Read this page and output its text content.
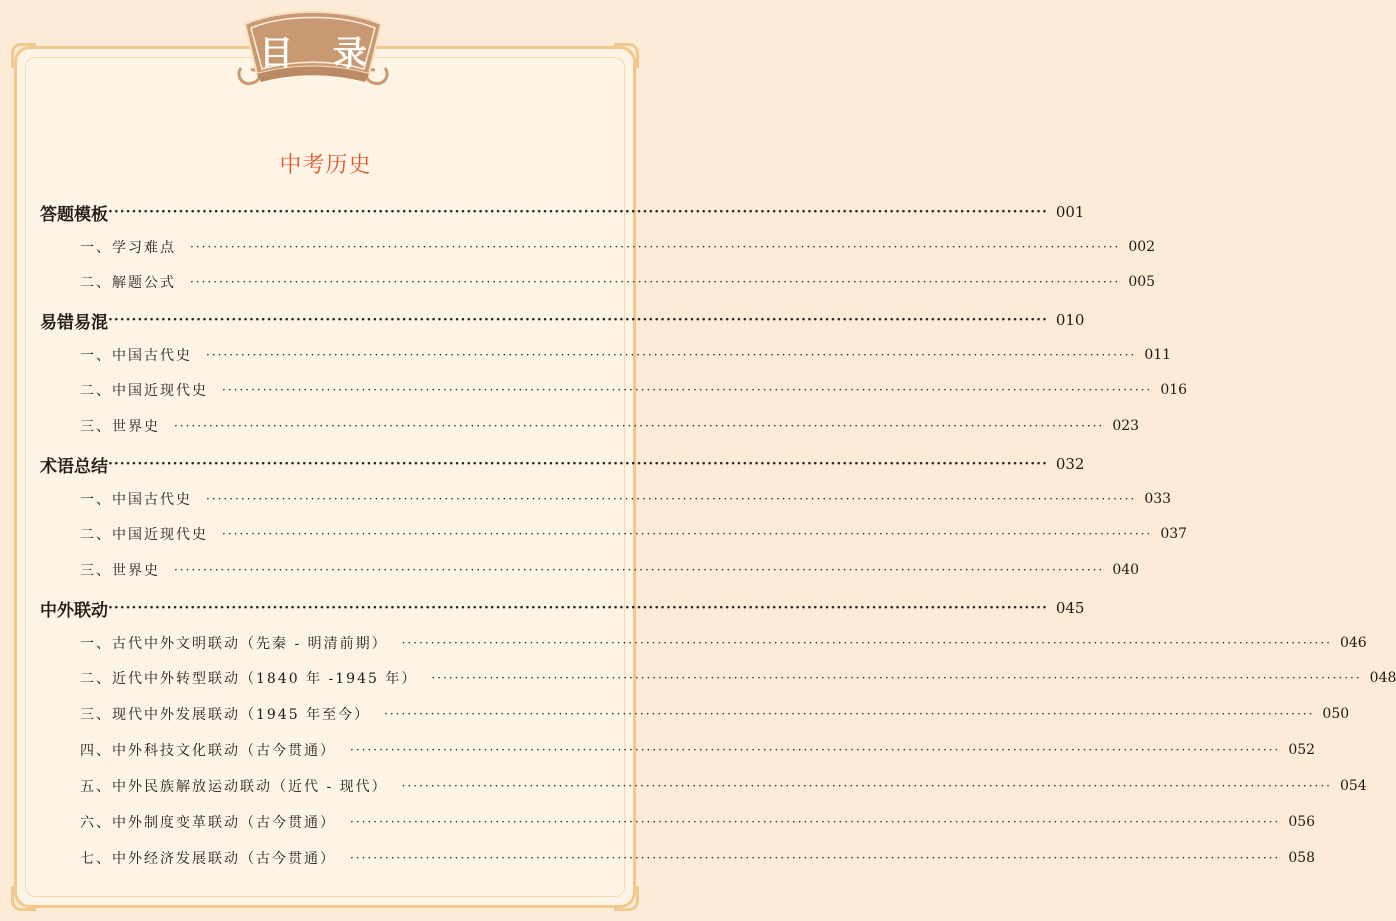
目 录
中考历史
答题模板 ································································································································································ 001
一、学习难点 ································································································································································ 002
二、解题公式 ································································································································································ 005
易错易混 ································································································································································ 010
一、中国古代史 ································································································································································ 011
二、中国近现代史 ································································································································································ 016
三、世界史 ································································································································································ 023
术语总结 ································································································································································ 032
一、中国古代史 ································································································································································ 033
二、中国近现代史 ································································································································································ 037
三、世界史 ································································································································································ 040
中外联动 ································································································································································ 045
一、古代中外文明联动（先秦 - 明清前期） ································································································································································ 046
二、近代中外转型联动（1840 年 -1945 年） ································································································································································ 048
三、现代中外发展联动（1945 年至今） ································································································································································ 050
四、中外科技文化联动（古今贯通） ································································································································································ 052
五、中外民族解放运动联动（近代 - 现代） ································································································································································ 054
六、中外制度变革联动（古今贯通） ································································································································································ 056
七、中外经济发展联动（古今贯通） ································································································································································ 058
